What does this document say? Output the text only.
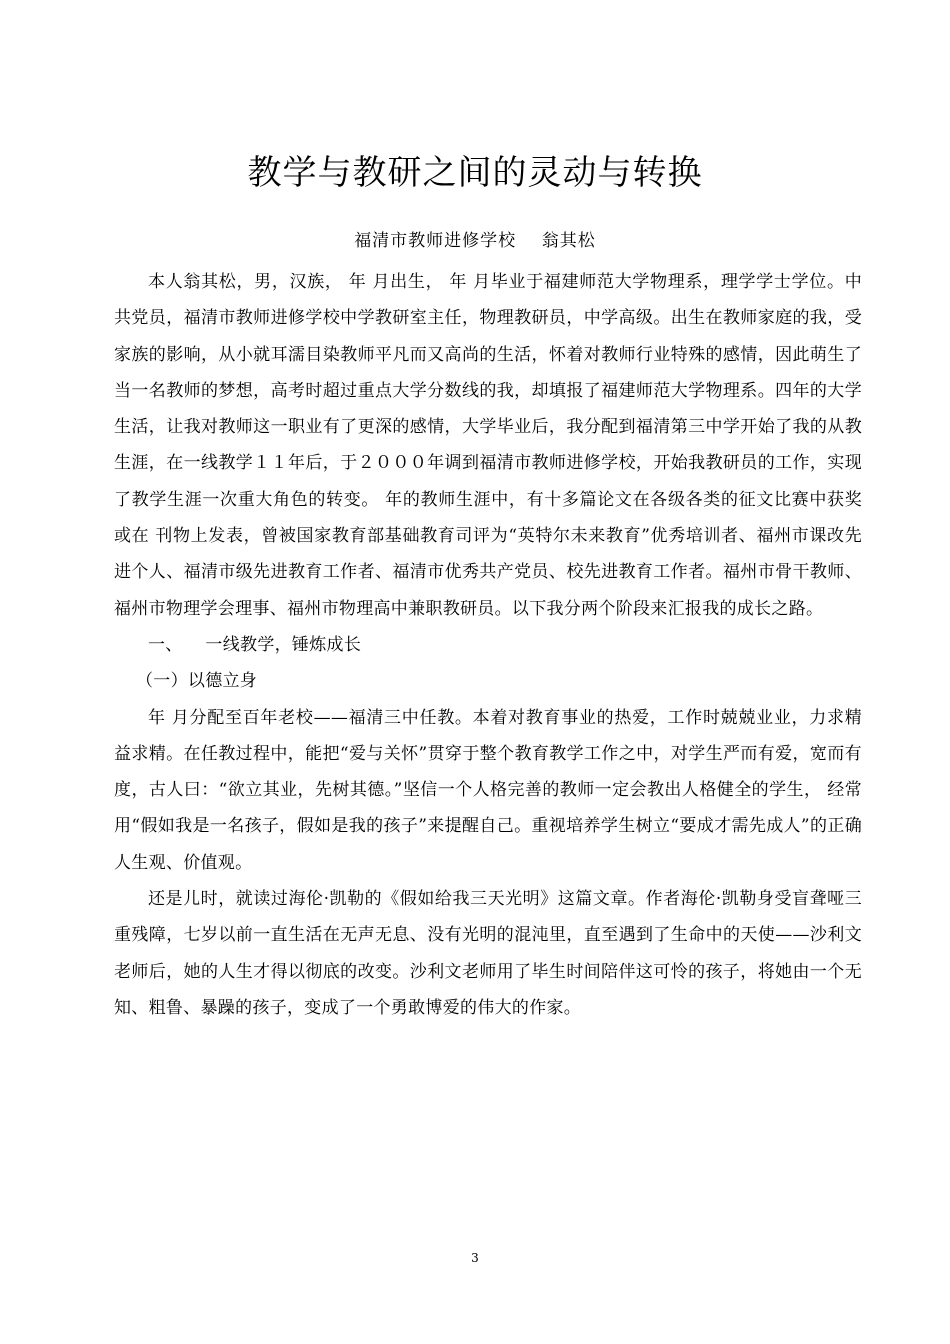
教学与教研之间的灵动与转换
福清市教师进修学校    翁其松

本人翁其松，男，汉族， 年 月出生， 年 月毕业于福建师范大学物理系，理学学士学位。中共党员，福清市教师进修学校中学教研室主任，物理教研员，中学高级。出生在教师家庭的我，受家族的影响，从小就耳濡目染教师平凡而又高尚的生活，怀着对教师行业特殊的感情，因此萌生了当一名教师的梦想，高考时超过重点大学分数线的我，却填报了福建师范大学物理系。四年的大学生活，让我对教师这一职业有了更深的感情，大学毕业后，我分配到福清第三中学开始了我的从教生涯，在一线教学１１年后，于２０００年调到福清市教师进修学校，开始我教研员的工作，实现了教学生涯一次重大角色的转变。 年的教师生涯中，有十多篇论文在各级各类的征文比赛中获奖或在 刊物上发表，曾被国家教育部基础教育司评为“英特尔未来教育”优秀培训者、福州市课改先进个人、福清市级先进教育工作者、福清市优秀共产党员、校先进教育工作者。福州市骨干教师、福州市物理学会理事、福州市物理高中兼职教研员。以下我分两个阶段来汇报我的成长之路。

一、    一线教学，锤炼成长

（一）以德立身

年 月分配至百年老校——福清三中任教。本着对教育事业的热爱，工作时兢兢业业，力求精益求精。在任教过程中，能把“爱与关怀”贯穿于整个教育教学工作之中，对学生严而有爱，宽而有度，古人曰：“欲立其业，先树其德。”坚信一个人格完善的教师一定会教出人格健全的学生， 经常用“假如我是一名孩子，假如是我的孩子”来提醒自己。重视培养学生树立“要成才需先成人”的正确人生观、价值观。

还是儿时，就读过海伦·凯勒的《假如给我三天光明》这篇文章。作者海伦·凯勒身受盲聋哑三重残障，七岁以前一直生活在无声无息、没有光明的混沌里，直至遇到了生命中的天使——沙利文老师后，她的人生才得以彻底的改变。沙利文老师用了毕生时间陪伴这可怜的孩子，将她由一个无知、粗鲁、暴躁的孩子，变成了一个勇敢博爱的伟大的作家。

3
